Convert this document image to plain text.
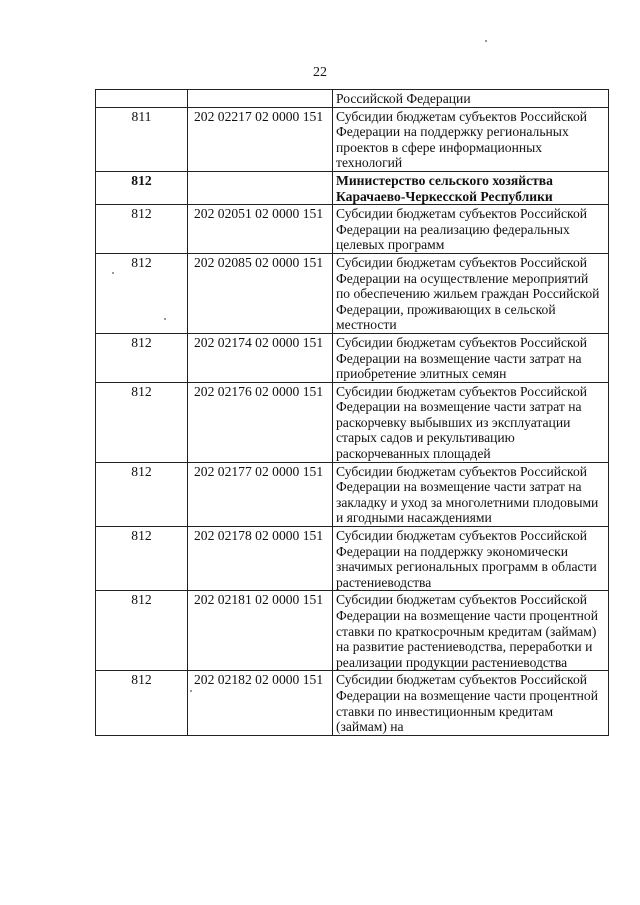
22
		Российской Федерации
811	202 02217 02 0000 151	Субсидии бюджетам субъектов Российской Федерации на поддержку региональных проектов в сфере информационных технологий
812		Министерство сельского хозяйства Карачаево-Черкесской Республики
812	202 02051 02 0000 151	Субсидии бюджетам субъектов Российской Федерации на реализацию федеральных целевых программ
812	202 02085 02 0000 151	Субсидии бюджетам субъектов Российской Федерации на осуществление мероприятий по обеспечению жильем граждан Российской Федерации, проживающих в сельской местности
812	202 02174 02 0000 151	Субсидии бюджетам субъектов Российской Федерации на возмещение части затрат на приобретение элитных семян
812	202 02176 02 0000 151	Субсидии бюджетам субъектов Российской Федерации на возмещение части затрат на раскорчевку выбывших из эксплуатации старых садов и рекультивацию раскорчеванных площадей
812	202 02177 02 0000 151	Субсидии бюджетам субъектов Российской Федерации на возмещение части затрат на закладку и уход за многолетними плодовыми и ягодными насаждениями
812	202 02178 02 0000 151	Субсидии бюджетам субъектов Российской Федерации на поддержку экономически значимых региональных программ в области растениеводства
812	202 02181 02 0000 151	Субсидии бюджетам субъектов Российской Федерации на возмещение части процентной ставки по краткосрочным кредитам (займам) на развитие растениеводства, переработки и реализации продукции растениеводства
812	202 02182 02 0000 151	Субсидии бюджетам субъектов Российской Федерации на возмещение части процентной ставки по инвестиционным кредитам (займам) на
